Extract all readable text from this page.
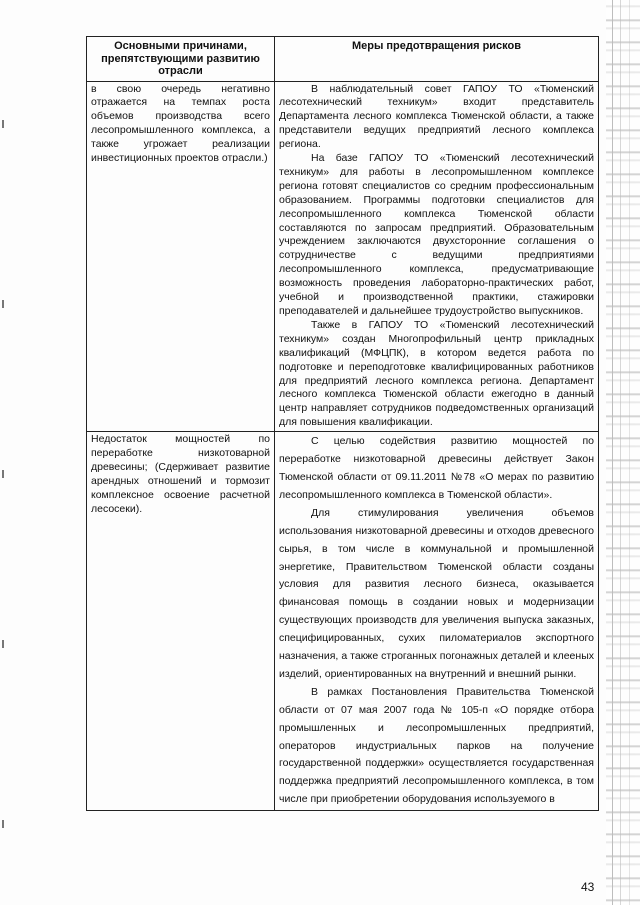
Основными причинами, препятствующими развитию отрасли	Меры предотвращения рисков

в свою очередь негативно отражается на темпах роста объемов производства всего лесопромышленного комплекса, а также угрожает реализации инвестиционных проектов отрасли.)	В наблюдательный совет ГАПОУ ТО «Тюменский лесотехнический техникум» входит представитель Департамента лесного комплекса Тюменской области, а также представители ведущих предприятий лесного комплекса региона.

На базе ГАПОУ ТО «Тюменский лесотехнический техникум» для работы в лесопромышленном комплексе региона готовят специалистов со средним профессиональным образованием. Программы подготовки специалистов для лесопромышленного комплекса Тюменской области составляются по запросам предприятий. Образовательным учреждением заключаются двухсторонние соглашения о сотрудничестве с ведущими предприятиями лесопромышленного комплекса, предусматривающие возможность проведения лабораторно-практических работ, учебной и производственной практики, стажировки преподавателей и дальнейшее трудоустройство выпускников.

Также в ГАПОУ ТО «Тюменский лесотехнический техникум» создан Многопрофильный центр прикладных квалификаций (МФЦПК), в котором ведется работа по подготовке и переподготовке квалифицированных работников для предприятий лесного комплекса региона. Департамент лесного комплекса Тюменской области ежегодно в данный центр направляет сотрудников подведомственных организаций для повышения квалификации.

Недостаток мощностей по переработке низкотоварной древесины; (Сдерживает развитие арендных отношений и тормозит комплексное освоение расчетной лесосеки).	С целью содействия развитию мощностей по переработке низкотоварной древесины действует Закон Тюменской области от 09.11.2011 №78 «О мерах по развитию лесопромышленного комплекса в Тюменской области».

Для стимулирования увеличения объемов использования низкотоварной древесины и отходов древесного сырья, в том числе в коммунальной и промышленной энергетике, Правительством Тюменской области созданы условия для развития лесного бизнеса, оказывается финансовая помощь в создании новых и модернизации существующих производств для увеличения выпуска заказных, специфицированных, сухих пиломатериалов экспортного назначения, а также строганных погонажных деталей и клееных изделий, ориентированных на внутренний и внешний рынки.

В рамках Постановления Правительства Тюменской области от 07 мая 2007 года № 105-п «О порядке отбора промышленных и лесопромышленных предприятий, операторов индустриальных парков на получение государственной поддержки» осуществляется государственная поддержка предприятий лесопромышленного комплекса, в том числе при приобретении оборудования используемого в

43
